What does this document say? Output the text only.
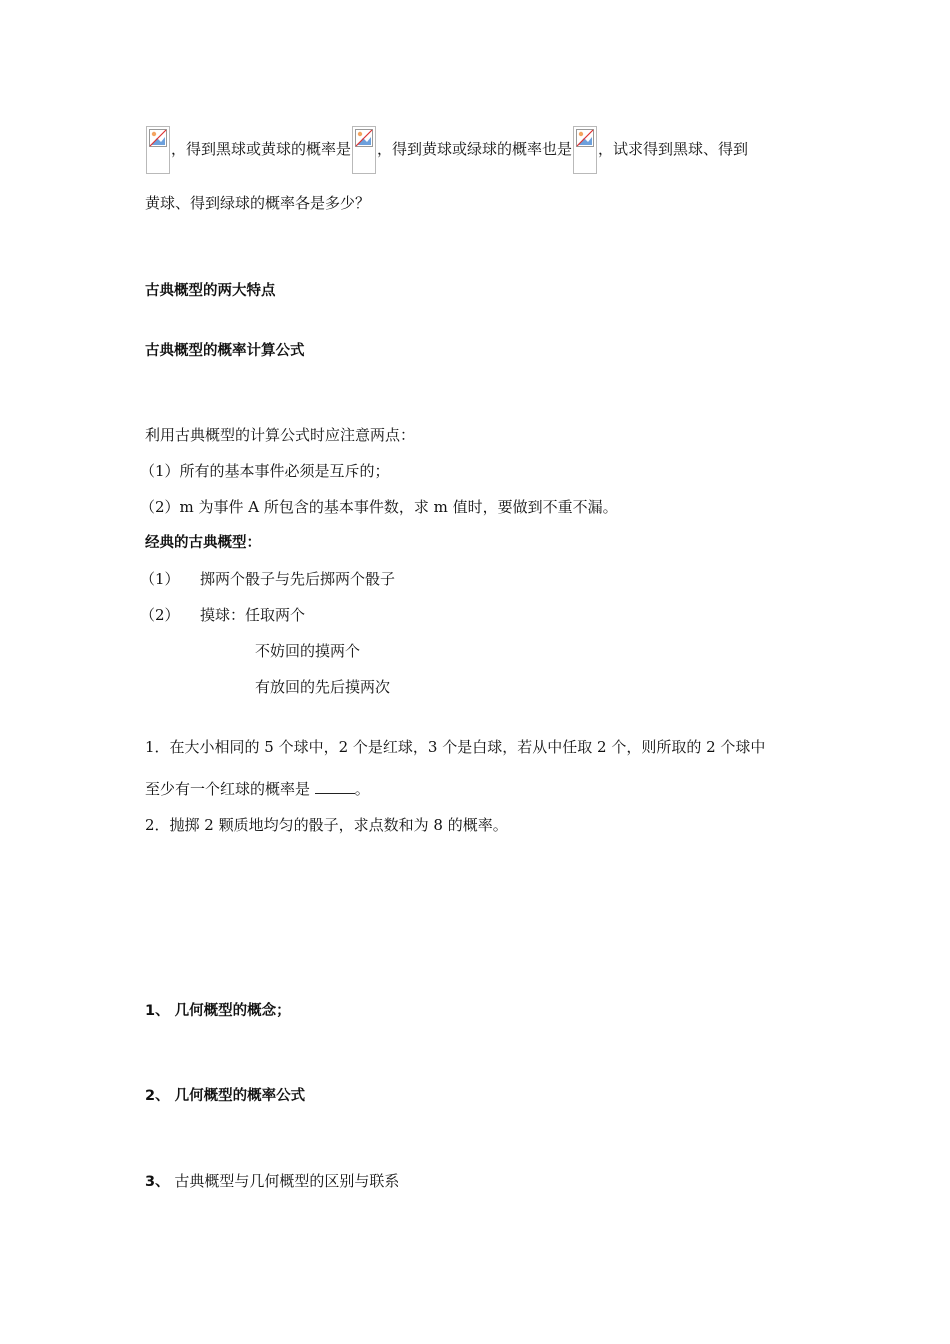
，得到黑球或黄球的概率是 ，得到黄球或绿球的概率也是 ，试求得到黑球、得到
黄球、得到绿球的概率各是多少？
古典概型的两大特点
古典概型的概率计算公式
利用古典概型的计算公式时应注意两点：
（1）所有的基本事件必须是互斥的；
（2）m 为事件 A 所包含的基本事件数，求 m 值时，要做到不重不漏。
经典的古典概型：
（1） 掷两个骰子与先后掷两个骰子
（2） 摸球：任取两个
不妨回的摸两个
有放回的先后摸两次
1．在大小相同的 5 个球中，2 个是红球，3 个是白球，若从中任取 2 个，则所取的 2 个球中
至少有一个红球的概率是	。
2．抛掷 2 颗质地均匀的骰子，求点数和为 8 的概率。
1、 几何概型的概念；
2、 几何概型的概率公式
3、 古典概型与几何概型的区别与联系
